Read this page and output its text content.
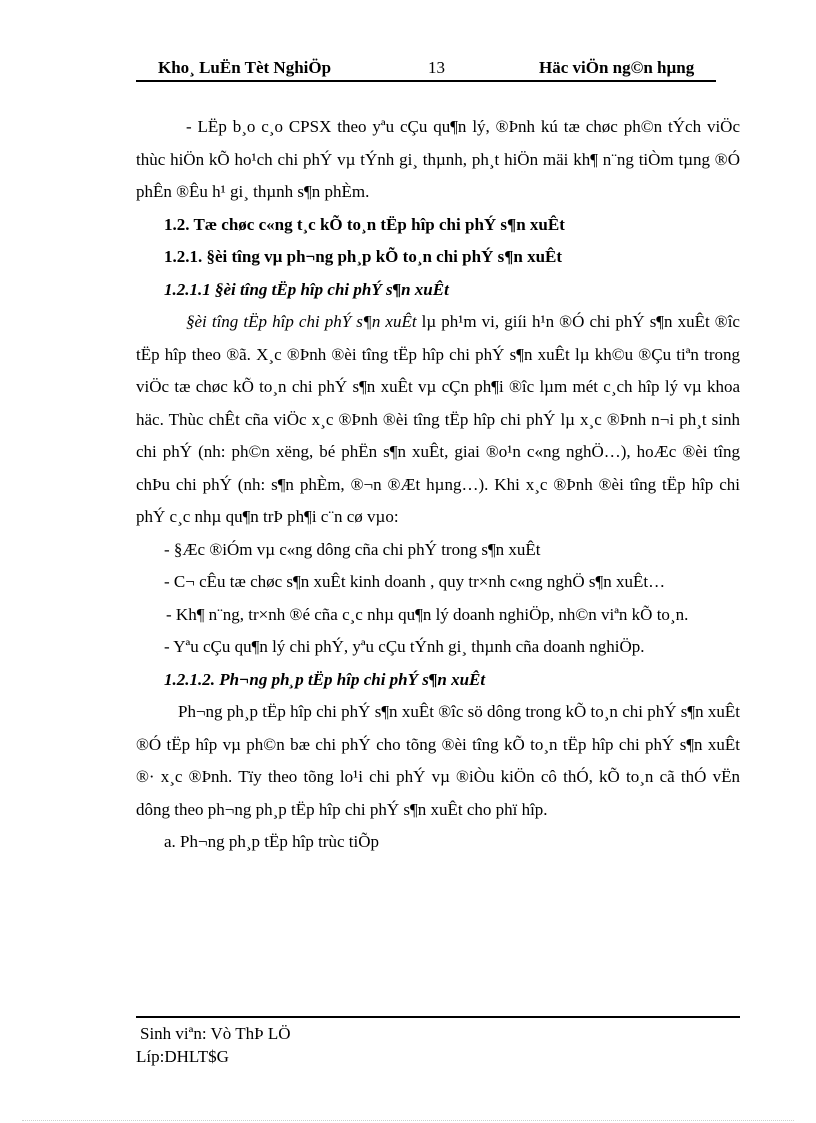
Kho¸ LuËn Tèt NghiÖp	13	Häc viÖn ng©n hµng

- LËp b¸o c¸o CPSX theo yªu cÇu qu¶n lý, ®Þnh kú tæ chøc ph©n tÝch viÖc thùc hiÖn kÕ ho¹ch chi phÝ vµ tÝnh gi¸ thµnh, ph¸t hiÖn mäi kh¶ n¨ng tiÒm tµng ®Ó phÊn ®Êu h¹ gi¸ thµnh s¶n phÈm.

1.2. Tæ chøc c«ng t¸c kÕ to¸n tËp hîp chi phÝ s¶n xuÊt

1.2.1. §èi tîng vµ ph¬ng ph¸p kÕ to¸n chi phÝ s¶n xuÊt

1.2.1.1 §èi tîng tËp hîp chi phÝ s¶n xuÊt

§èi tîng tËp hîp chi phÝ s¶n xuÊt lµ ph¹m vi, giíi h¹n ®Ó chi phÝ s¶n xuÊt ®îc tËp hîp theo ®ã. X¸c ®Þnh ®èi tîng tËp hîp chi phÝ s¶n xuÊt lµ kh©u ®Çu tiªn trong viÖc tæ chøc kÕ to¸n chi phÝ s¶n xuÊt vµ cÇn ph¶i ®îc lµm mét c¸ch hîp lý vµ khoa häc. Thùc chÊt cña viÖc x¸c ®Þnh ®èi tîng tËp hîp chi phÝ lµ x¸c ®Þnh n¬i ph¸t sinh chi phÝ (nh: ph©n xëng, bé phËn s¶n xuÊt, giai ®o¹n c«ng nghÖ…), hoÆc ®èi tîng chÞu chi phÝ (nh: s¶n phÈm, ®¬n ®Æt hµng…). Khi x¸c ®Þnh ®èi tîng tËp hîp chi phÝ c¸c nhµ qu¶n trÞ ph¶i c¨n cø vµo:

- §Æc ®iÓm vµ c«ng dông cña chi phÝ trong s¶n xuÊt

- C¬ cÊu tæ chøc s¶n xuÊt kinh doanh , quy tr×nh c«ng nghÖ s¶n xuÊt…

- Kh¶ n¨ng, tr×nh ®é cña c¸c nhµ qu¶n lý doanh nghiÖp, nh©n viªn kÕ to¸n.

- Yªu cÇu qu¶n lý chi phÝ, yªu cÇu tÝnh gi¸ thµnh cña doanh nghiÖp.

1.2.1.2. Ph¬ng ph¸p tËp hîp chi phÝ s¶n xuÊt

Ph¬ng ph¸p tËp hîp chi phÝ s¶n xuÊt ®îc sö dông trong kÕ to¸n chi phÝ s¶n xuÊt ®Ó tËp hîp vµ ph©n bæ chi phÝ cho tõng ®èi tîng kÕ to¸n tËp hîp chi phÝ s¶n xuÊt ®· x¸c ®Þnh. Tïy theo tõng lo¹i chi phÝ vµ ®iÒu kiÖn cô thÓ, kÕ to¸n cã thÓ vËn dông theo ph¬ng ph¸p tËp hîp chi phÝ s¶n xuÊt cho phï hîp.

a. Ph¬ng ph¸p tËp hîp trùc tiÕp

Sinh viªn: Vò ThÞ LÖ
Líp:DHLT$G
